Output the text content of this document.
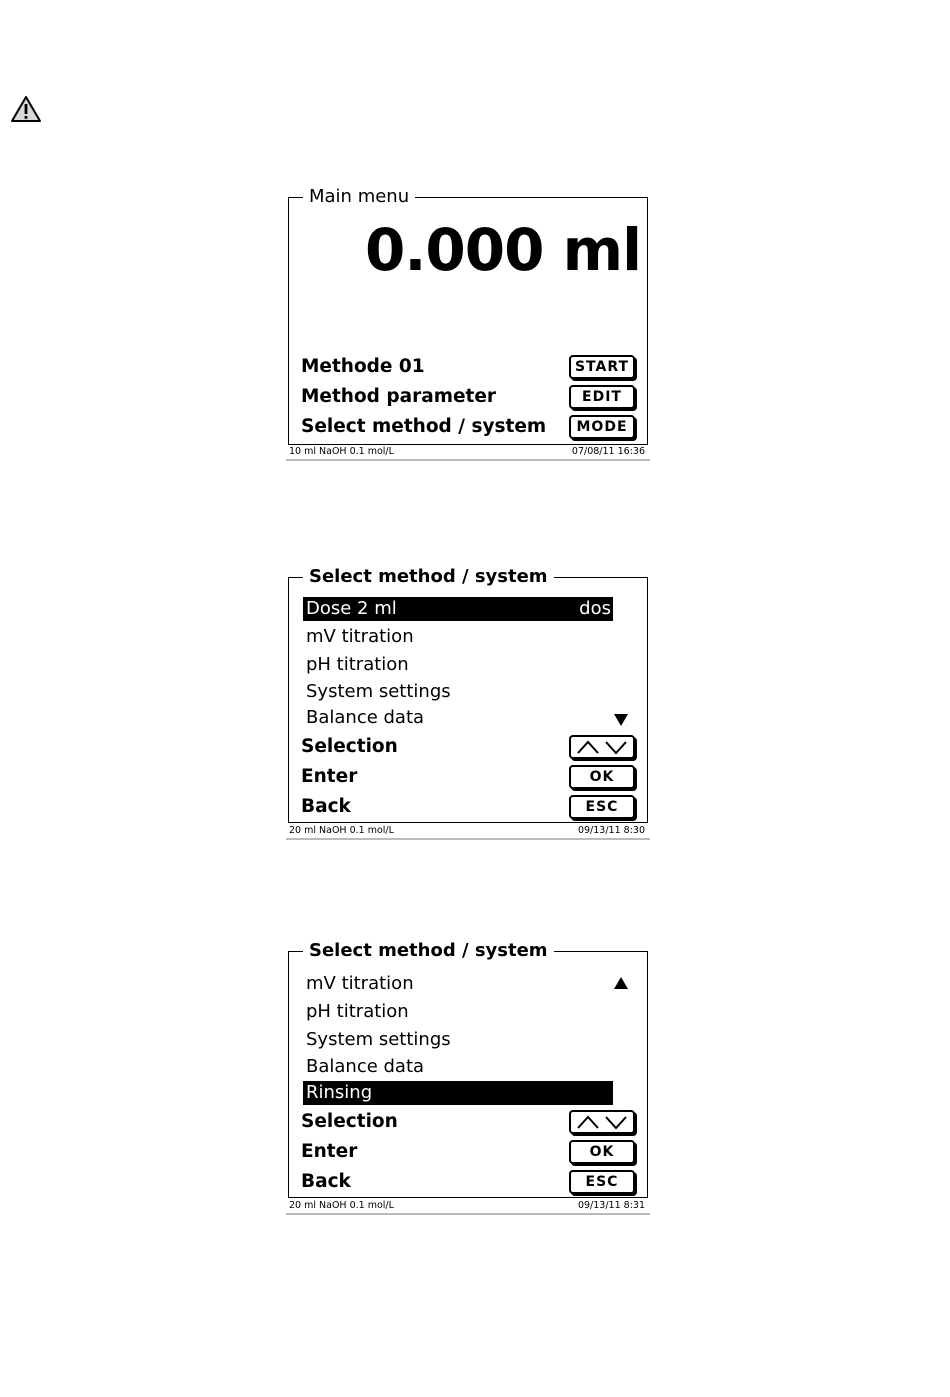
Main menu
0.000 ml
Methode 01	START
Method parameter	EDIT
Select method / system	MODE
10 ml NaOH 0.1 mol/L	07/08/11 16:36
Select method / system
Dose 2 ml	dos
mV titration
pH titration
System settings
Balance data
Selection
Enter	OK
Back	ESC
20 ml NaOH 0.1 mol/L	09/13/11 8:30
Select method / system
mV titration
pH titration
System settings
Balance data
Rinsing
Selection
Enter	OK
Back	ESC
20 ml NaOH 0.1 mol/L	09/13/11 8:31
